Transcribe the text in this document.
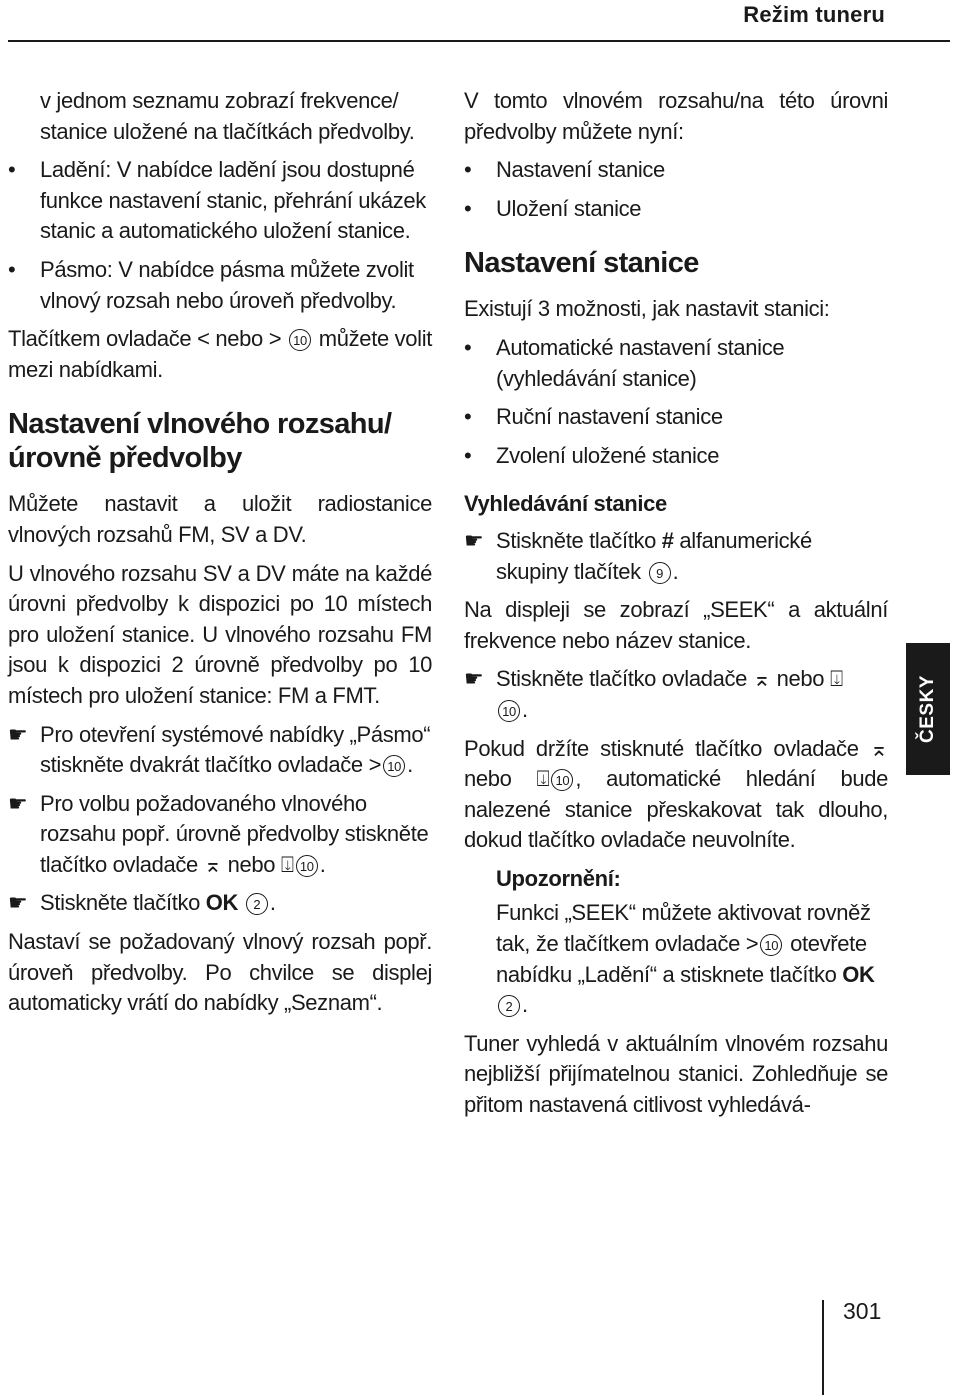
Režim tuneru

v jednom seznamu zobrazí frekvence/ stanice uložené na tlačítkách předvolby.

• Ladění: V nabídce ladění jsou dostupné funkce nastavení stanic, přehrání ukázek stanic a automatického uložení stanice.
• Pásmo: V nabídce pásma můžete zvolit vlnový rozsah nebo úroveň předvolby.

Tlačítkem ovladače < nebo > 10 můžete volit mezi nabídkami.

Nastavení vlnového rozsahu/ úrovně předvolby

Můžete nastavit a uložit radiostanice vlnových rozsahů FM, SV a DV.

U vlnového rozsahu SV a DV máte na každé úrovni předvolby k dispozici po 10 místech pro uložení stanice. U vlnového rozsahu FM jsou k dispozici 2 úrovně předvolby po 10 místech pro uložení stanice: FM a FMT.

☛ Pro otevření systémové nabídky „Pásmo“ stiskněte dvakrát tlačítko ovladače > 10 .
☛ Pro volbu požadovaného vlnového rozsahu popř. úrovně předvolby stiskněte tlačítko ovladače ⌅ nebo ⍗ 10 .
☛ Stiskněte tlačítko OK 2 .

Nastaví se požadovaný vlnový rozsah popř. úroveň předvolby. Po chvilce se displej automaticky vrátí do nabídky „Seznam“.

V tomto vlnovém rozsahu/na této úrovni předvolby můžete nyní:

• Nastavení stanice
• Uložení stanice
Nastavení stanice

Existují 3 možnosti, jak nastavit stanici:

• Automatické nastavení stanice (vyhledávání stanice)
• Ruční nastavení stanice
• Zvolení uložené stanice
Vyhledávání stanice
☛ Stiskněte tlačítko # alfanumerické skupiny tlačítek 9 .

Na displeji se zobrazí „SEEK“ a aktuální frekvence nebo název stanice.

☛ Stiskněte tlačítko ovladače ⌅ nebo ⍗
10 .

Pokud držíte stisknuté tlačítko ovladače ⌅ nebo ⍗ 10 , automatické hledání bude nalezené stanice přeskakovat tak dlouho, dokud tlačítko ovladače neuvolníte.

Upozornění:
Funkci „SEEK“ můžete aktivovat rovněž tak, že tlačítkem ovladače > 10 otevřete nabídku „Ladění“ a stisknete tlačítko OK 2 .

Tuner vyhledá v aktuálním vlnovém rozsahu nejbližší přijímatelnou stanici. Zohledňuje se přitom nastavená citlivost vyhledává-

ČESKY
301
